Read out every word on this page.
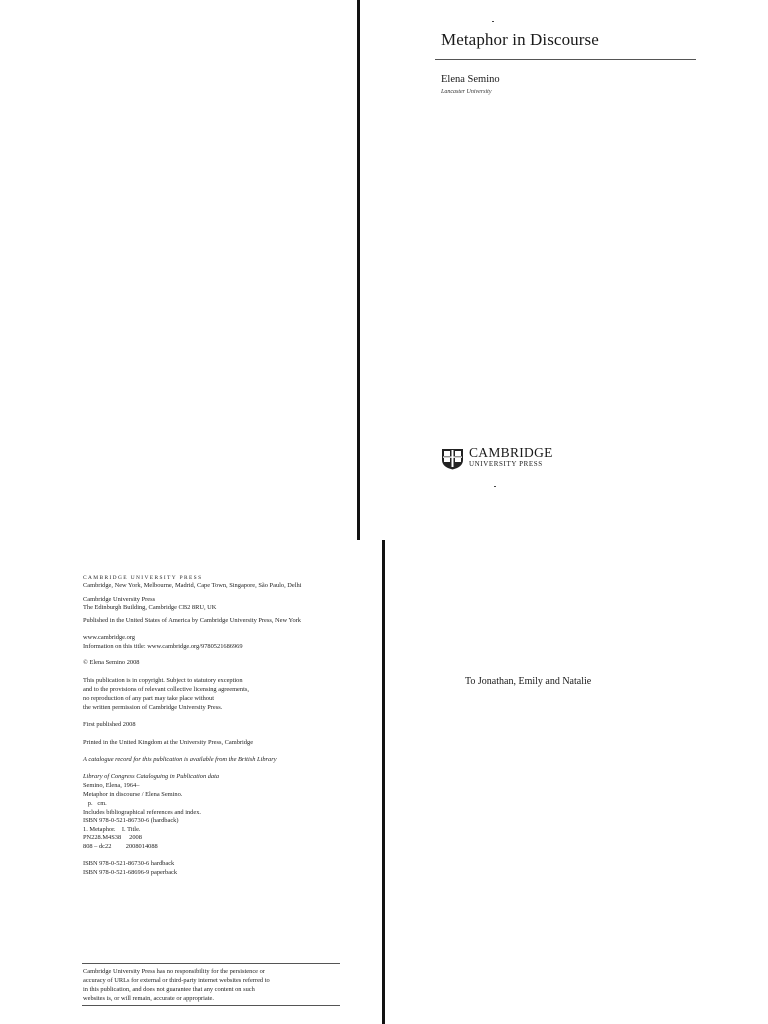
Metaphor in Discourse
Elena Semino
Lancaster University
CAMBRIDGE
UNIVERSITY PRESS
CAMBRIDGE UNIVERSITY PRESS
Cambridge, New York, Melbourne, Madrid, Cape Town, Singapore, São Paulo, Delhi
Cambridge University Press
The Edinburgh Building, Cambridge CB2 8RU, UK
Published in the United States of America by Cambridge University Press, New York
www.cambridge.org
Information on this title: www.cambridge.org/9780521686969
© Elena Semino 2008
This publication is in copyright. Subject to statutory exception
and to the provisions of relevant collective licensing agreements,
no reproduction of any part may take place without
the written permission of Cambridge University Press.
First published 2008
Printed in the United Kingdom at the University Press, Cambridge
A catalogue record for this publication is available from the British Library
Library of Congress Cataloguing in Publication data
Semino, Elena, 1964–
Metaphor in discourse / Elena Semino.
p.   cm.
Includes bibliographical references and index.
ISBN 978-0-521-86730-6 (hardback)
1. Metaphor.    I. Title.
PN228.M4S38     2008
808 – dc22         2008014088
ISBN 978-0-521-86730-6 hardback
ISBN 978-0-521-68696-9 paperback
Cambridge University Press has no responsibility for the persistence or
accuracy of URLs for external or third-party internet websites referred to
in this publication, and does not guarantee that any content on such
websites is, or will remain, accurate or appropriate.
To Jonathan, Emily and Natalie
